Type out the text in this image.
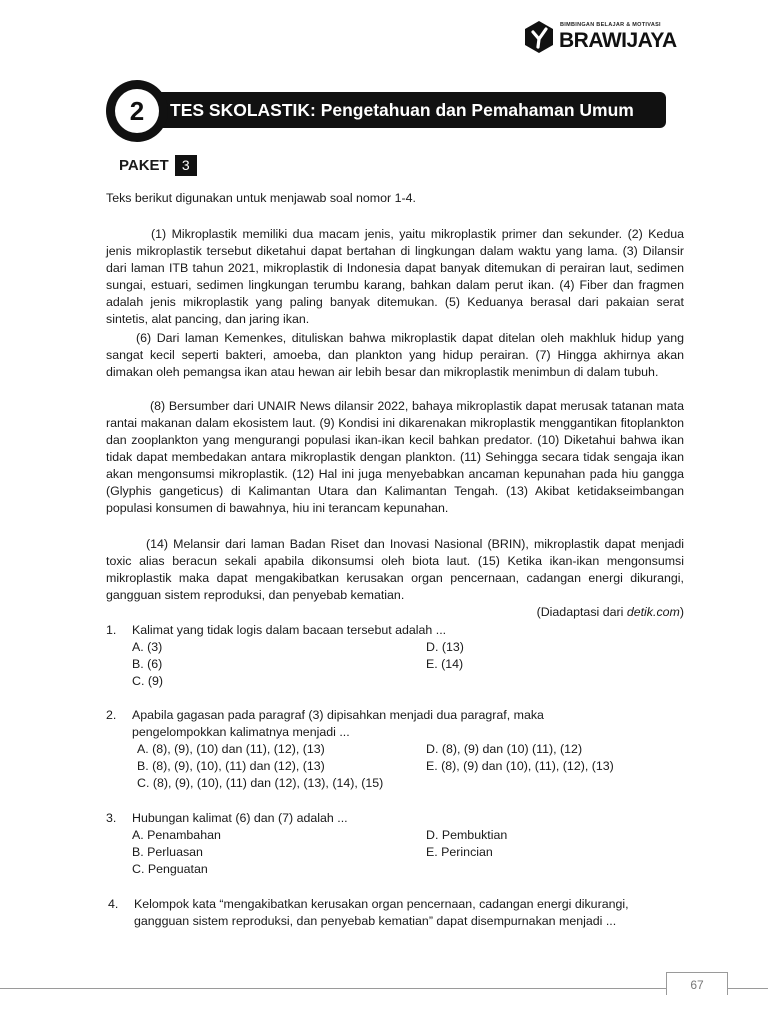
BIMBINGAN BELAJAR & MOTIVASI
BRAWIJAYA
2	TES SKOLASTIK: Pengetahuan dan Pemahaman Umum
PAKET 3
Teks berikut digunakan untuk menjawab soal nomor 1-4.
(1) Mikroplastik memiliki dua macam jenis, yaitu mikroplastik primer dan sekunder. (2) Kedua jenis mikroplastik tersebut diketahui dapat bertahan di lingkungan dalam waktu yang lama. (3) Dilansir dari laman ITB tahun 2021, mikroplastik di Indonesia dapat banyak ditemukan di perairan laut, sedimen sungai, estuari, sedimen lingkungan terumbu karang, bahkan dalam perut ikan. (4) Fiber dan fragmen adalah jenis mikroplastik yang paling banyak ditemukan. (5) Keduanya berasal dari pakaian serat sintetis, alat pancing, dan jaring ikan.
(6) Dari laman Kemenkes, dituliskan bahwa mikroplastik dapat ditelan oleh makhluk hidup yang sangat kecil seperti bakteri, amoeba, dan plankton yang hidup perairan. (7) Hingga akhirnya akan dimakan oleh pemangsa ikan atau hewan air lebih besar dan mikroplastik menimbun di dalam tubuh.
(8) Bersumber dari UNAIR News dilansir 2022, bahaya mikroplastik dapat merusak tatanan mata rantai makanan dalam ekosistem laut. (9) Kondisi ini dikarenakan mikroplastik menggantikan fitoplankton dan zooplankton yang mengurangi populasi ikan-ikan kecil bahkan predator. (10) Diketahui bahwa ikan tidak dapat membedakan antara mikroplastik dengan plankton. (11) Sehingga secara tidak sengaja ikan akan mengonsumsi mikroplastik. (12) Hal ini juga menyebabkan ancaman kepunahan pada hiu gangga (Glyphis gangeticus) di Kalimantan Utara dan Kalimantan Tengah. (13) Akibat ketidakseimbangan populasi konsumen di bawahnya, hiu ini terancam kepunahan.
(14) Melansir dari laman Badan Riset dan Inovasi Nasional (BRIN), mikroplastik dapat menjadi toxic alias beracun sekali apabila dikonsumsi oleh biota laut. (15) Ketika ikan-ikan mengonsumsi mikroplastik maka dapat mengakibatkan kerusakan organ pencernaan, cadangan energi dikurangi, gangguan sistem reproduksi, dan penyebab kematian.
(Diadaptasi dari detik.com)
1. Kalimat yang tidak logis dalam bacaan tersebut adalah ...
A. (3)
B. (6)
C. (9)
D. (13)
E. (14)
2. Apabila gagasan pada paragraf (3) dipisahkan menjadi dua paragraf, maka pengelompokkan kalimatnya menjadi ...
A. (8), (9), (10) dan (11), (12), (13)
B. (8), (9), (10), (11) dan (12), (13)
C. (8), (9), (10), (11) dan (12), (13), (14), (15)
D. (8), (9) dan (10) (11), (12)
E. (8), (9) dan (10), (11), (12), (13)
3. Hubungan kalimat (6) dan (7) adalah ...
A. Penambahan
B. Perluasan
C. Penguatan
D. Pembuktian
E. Perincian
4. Kelompok kata “mengakibatkan kerusakan organ pencernaan, cadangan energi dikurangi, gangguan sistem reproduksi, dan penyebab kematian” dapat disempurnakan menjadi ...
67
